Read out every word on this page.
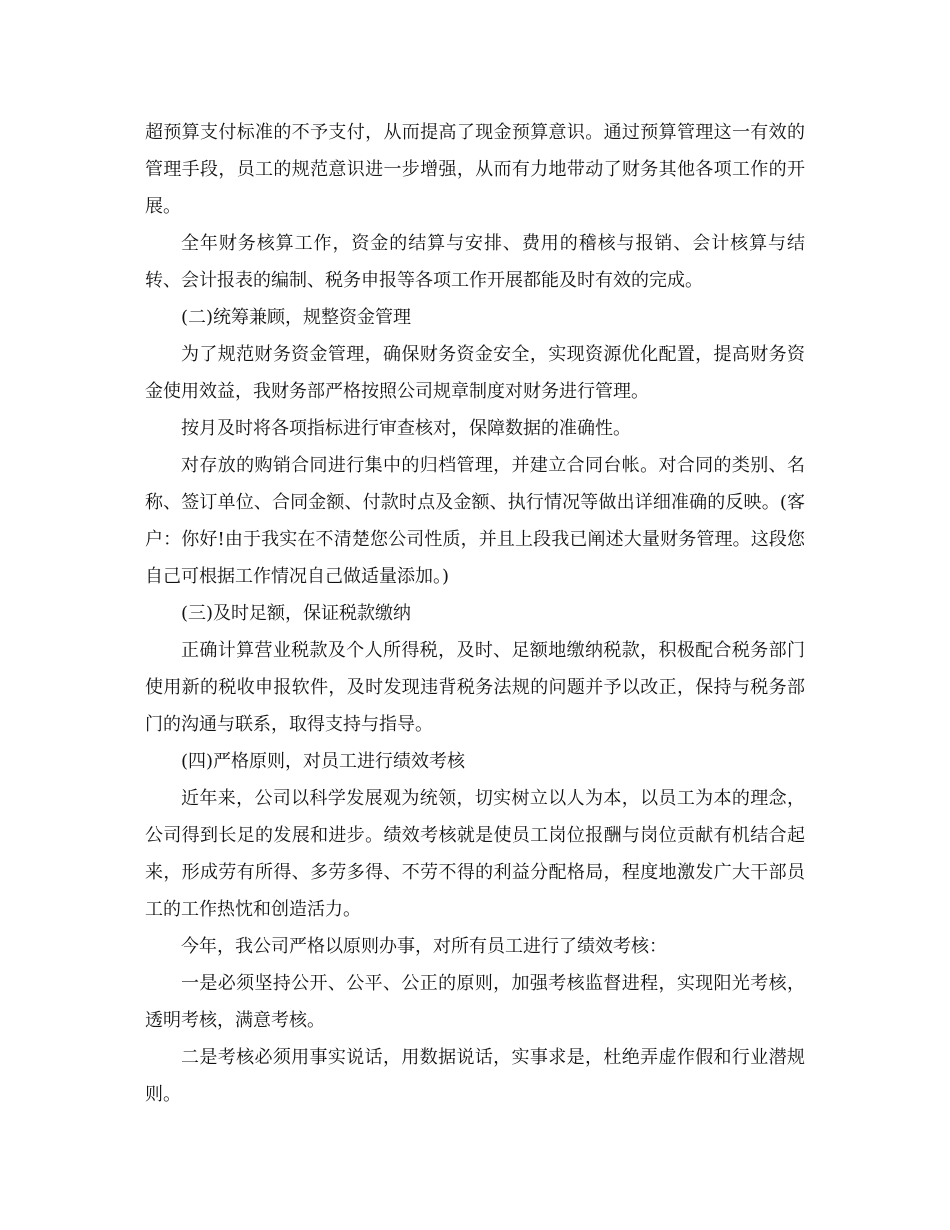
超预算支付标准的不予支付，从而提高了现金预算意识。通过预算管理这一有效的管理手段，员工的规范意识进一步增强，从而有力地带动了财务其他各项工作的开展。

全年财务核算工作，资金的结算与安排、费用的稽核与报销、会计核算与结转、会计报表的编制、税务申报等各项工作开展都能及时有效的完成。

(二)统筹兼顾，规整资金管理

为了规范财务资金管理，确保财务资金安全，实现资源优化配置，提高财务资金使用效益，我财务部严格按照公司规章制度对财务进行管理。

按月及时将各项指标进行审查核对，保障数据的准确性。

对存放的购销合同进行集中的归档管理，并建立合同台帐。对合同的类别、名称、签订单位、合同金额、付款时点及金额、执行情况等做出详细准确的反映。(客户：你好!由于我实在不清楚您公司性质，并且上段我已阐述大量财务管理。这段您自己可根据工作情况自己做适量添加。)

(三)及时足额，保证税款缴纳

正确计算营业税款及个人所得税，及时、足额地缴纳税款，积极配合税务部门使用新的税收申报软件，及时发现违背税务法规的问题并予以改正，保持与税务部门的沟通与联系，取得支持与指导。

(四)严格原则，对员工进行绩效考核

近年来，公司以科学发展观为统领，切实树立以人为本，以员工为本的理念，公司得到长足的发展和进步。绩效考核就是使员工岗位报酬与岗位贡献有机结合起来，形成劳有所得、多劳多得、不劳不得的利益分配格局，程度地激发广大干部员工的工作热忱和创造活力。

今年，我公司严格以原则办事，对所有员工进行了绩效考核：

一是必须坚持公开、公平、公正的原则，加强考核监督进程，实现阳光考核，透明考核，满意考核。

二是考核必须用事实说话，用数据说话，实事求是，杜绝弄虚作假和行业潜规则。
